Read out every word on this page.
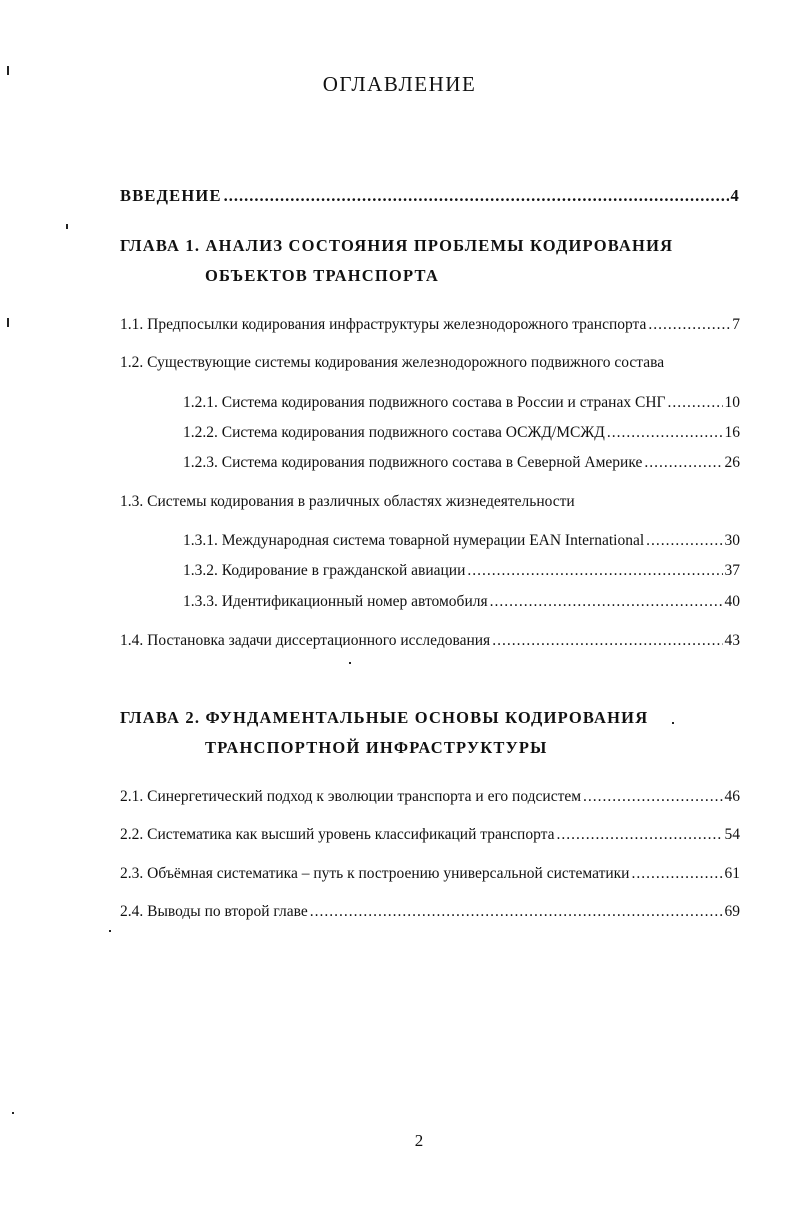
ОГЛАВЛЕНИЕ
ВВЕДЕНИЕ .....	4
ГЛАВА 1. АНАЛИЗ СОСТОЯНИЯ ПРОБЛЕМЫ КОДИРОВАНИЯ
ОБЪЕКТОВ ТРАНСПОРТА
1.1. Предпосылки кодирования инфраструктуры железнодорожного транспорта .....	7
1.2. Существующие системы кодирования железнодорожного подвижного состава
1.2.1. Система кодирования подвижного состава в России и странах СНГ .....	10
1.2.2. Система кодирования подвижного состава ОСЖД/МСЖД .....	16
1.2.3. Система кодирования подвижного состава в Северной Америке .....	26
1.3. Системы кодирования в различных областях жизнедеятельности
1.3.1. Международная система товарной нумерации EAN International .....	30
1.3.2. Кодирование в гражданской авиации .....	37
1.3.3. Идентификационный номер автомобиля .....	40
1.4. Постановка задачи диссертационного исследования .....	43
ГЛАВА 2. ФУНДАМЕНТАЛЬНЫЕ ОСНОВЫ КОДИРОВАНИЯ
ТРАНСПОРТНОЙ ИНФРАСТРУКТУРЫ
2.1. Синергетический подход к эволюции транспорта и его подсистем .....	46
2.2. Систематика как высший уровень классификаций транспорта .....	54
2.3. Объёмная систематика – путь к построению универсальной систематики .....	61
2.4. Выводы по второй главе .....	69
2
